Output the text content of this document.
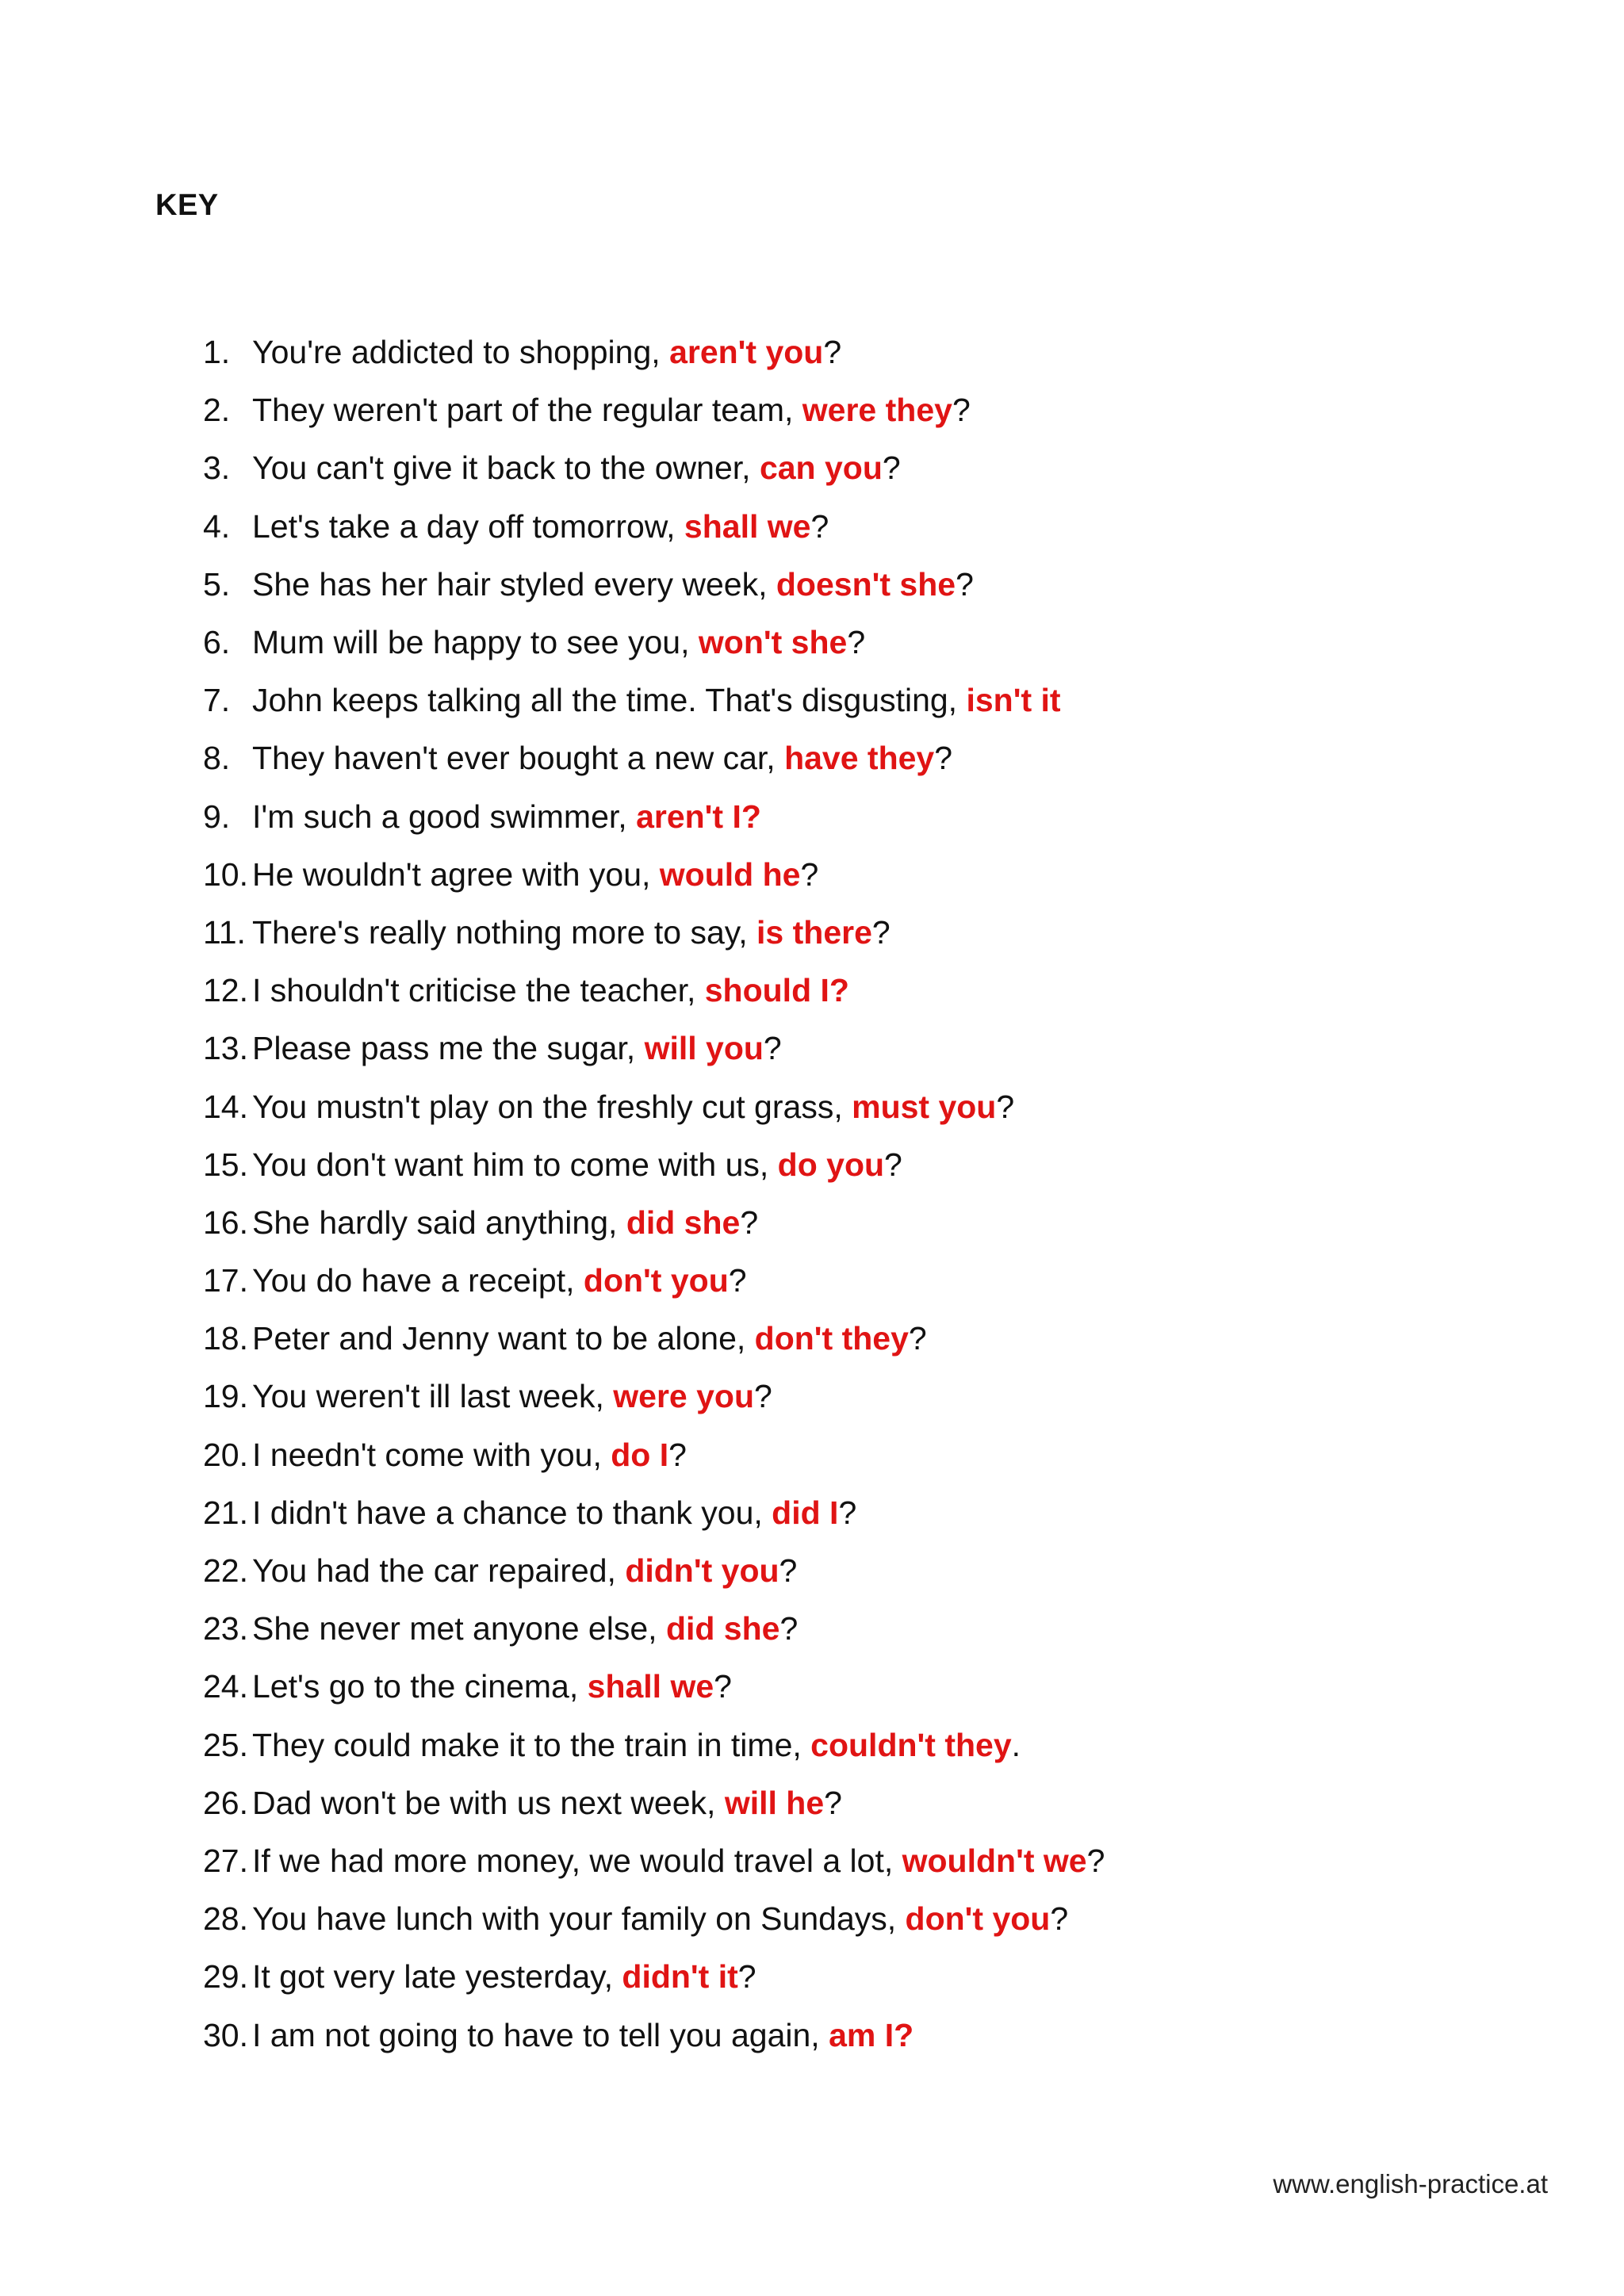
KEY
1. You're addicted to shopping, aren't you?
2. They weren't part of the regular team, were they?
3. You can't give it back to the owner, can you?
4. Let's take a day off tomorrow, shall we?
5. She has her hair styled every week, doesn't she?
6. Mum will be happy to see you, won't she?
7. John keeps talking all the time. That's disgusting, isn't it
8. They haven't ever bought a new car, have they?
9. I'm such a good swimmer, aren't I?
10. He wouldn't agree with you, would he?
11. There's really nothing more to say, is there?
12. I shouldn't criticise the teacher, should I?
13. Please pass me the sugar, will you?
14. You mustn't play on the freshly cut grass, must you?
15. You don't want him to come with us, do you?
16. She hardly said anything, did she?
17. You do have a receipt, don't you?
18. Peter and Jenny want to be alone, don't they?
19. You weren't ill last week, were you?
20. I needn't come with you, do I?
21. I didn't have a chance to thank you, did I?
22. You had the car repaired, didn't you?
23. She never met anyone else, did she?
24. Let's go to the cinema, shall we?
25. They could make it to the train in time, couldn't they.
26. Dad won't be with us next week, will he?
27. If we had more money, we would travel a lot, wouldn't we?
28. You have lunch with your family on Sundays, don't you?
29. It got very late yesterday, didn't it?
30. I am not going to have to tell you again, am I?
www.english-practice.at
